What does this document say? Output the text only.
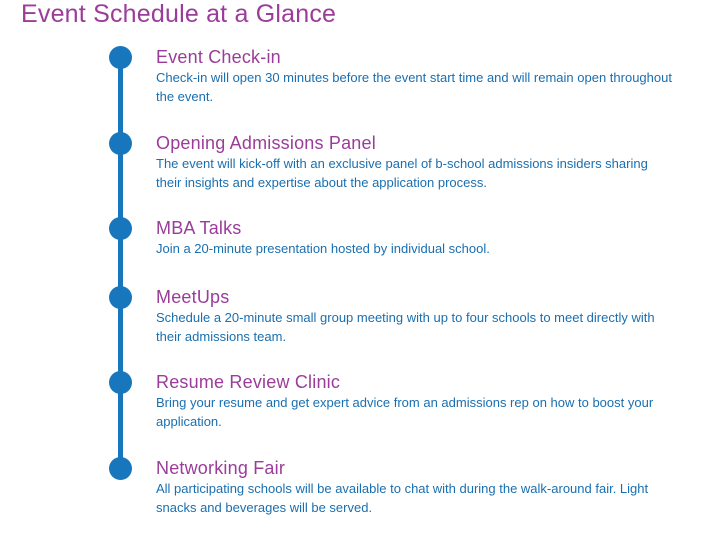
Event Schedule at a Glance
Event Check-in
Check-in will open 30 minutes before the event start time and will remain open throughout the event.
Opening Admissions Panel
The event will kick-off with an exclusive panel of b-school admissions insiders sharing their insights and expertise about the application process.
MBA Talks
Join a 20-minute presentation hosted by individual school.
MeetUps
Schedule a 20-minute small group meeting with up to four schools to meet directly with their admissions team.
Resume Review Clinic
Bring your resume and get expert advice from an admissions rep on how to boost your application.
Networking Fair
All participating schools will be available to chat with during the walk-around fair. Light snacks and beverages will be served.
